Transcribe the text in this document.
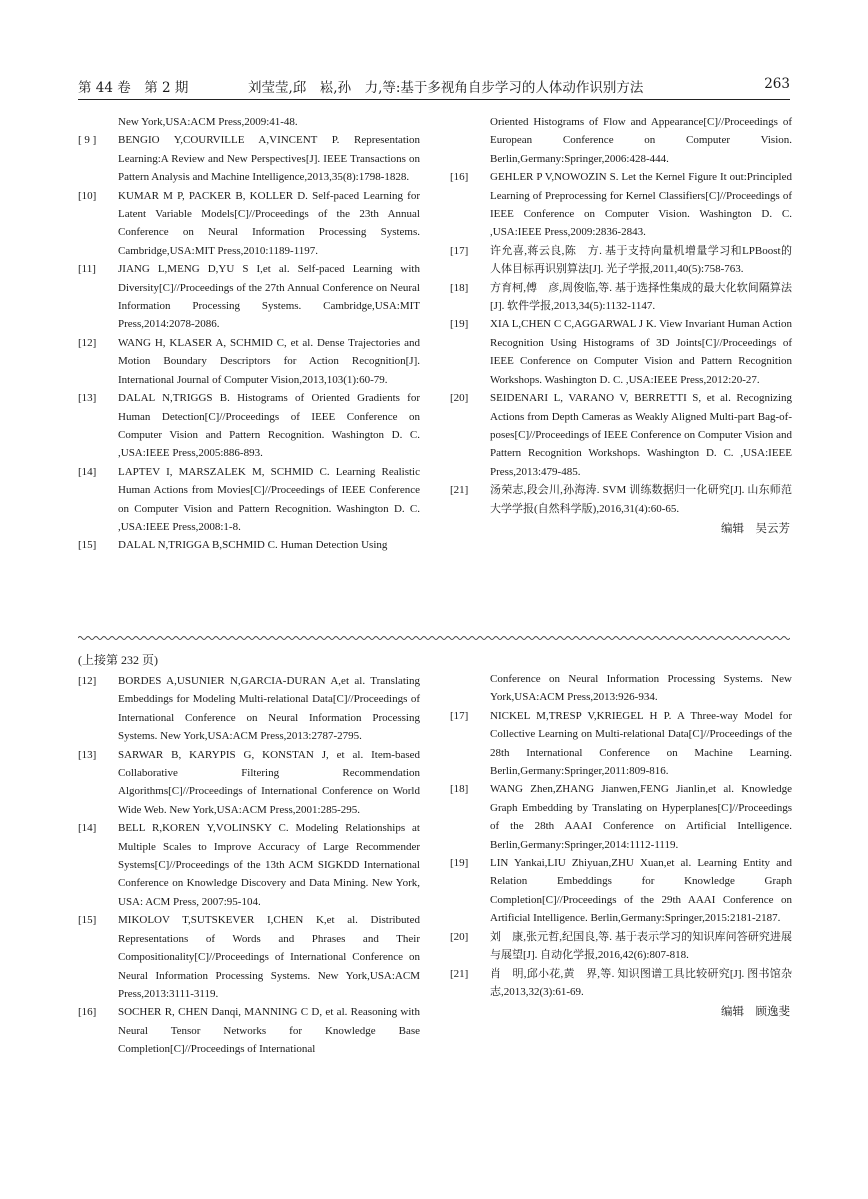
第 44 卷　第 2 期	刘莹莹,邱　崧,孙　力,等:基于多视角自步学习的人体动作识别方法	263

New York,USA:ACM Press,2009:41-48.

[ 9 ]	BENGIO Y,COURVILLE A,VINCENT P. Representation Learning:A Review and New Perspectives[J]. IEEE Transactions on Pattern Analysis and Machine Intelligence,2013,35(8):1798-1828.

[10]	KUMAR M P, PACKER B, KOLLER D. Self-paced Learning for Latent Variable Models[C]//Proceedings of the 23th Annual Conference on Neural Information Processing Systems. Cambridge,USA:MIT Press,2010:1189-1197.

[11]	JIANG L,MENG D,YU S I,et al. Self-paced Learning with Diversity[C]//Proceedings of the 27th Annual Conference on Neural Information Processing Systems. Cambridge,USA:MIT Press,2014:2078-2086.

[12]	WANG H, KLASER A, SCHMID C, et al. Dense Trajectories and Motion Boundary Descriptors for Action Recognition[J]. International Journal of Computer Vision,2013,103(1):60-79.

[13]	DALAL N,TRIGGS B. Histograms of Oriented Gradients for Human Detection[C]//Proceedings of IEEE Conference on Computer Vision and Pattern Recognition. Washington D. C. ,USA:IEEE Press,2005:886-893.

[14]	LAPTEV I, MARSZALEK M, SCHMID C. Learning Realistic Human Actions from Movies[C]//Proceedings of IEEE Conference on Computer Vision and Pattern Recognition. Washington D. C. ,USA:IEEE Press,2008:1-8.

[15]	DALAL N,TRIGGA B,SCHMID C. Human Detection Using

Oriented Histograms of Flow and Appearance[C]//Proceedings of European Conference on Computer Vision. Berlin,Germany:Springer,2006:428-444.

[16]	GEHLER P V,NOWOZIN S. Let the Kernel Figure It out:Principled Learning of Preprocessing for Kernel Classifiers[C]//Proceedings of IEEE Conference on Computer Vision. Washington D. C. ,USA:IEEE Press,2009:2836-2843.

[17]	许允喜,蒋云良,陈　方. 基于支持向量机增量学习和LPBoost的人体目标再识别算法[J]. 光子学报,2011,40(5):758-763.

[18]	方育柯,傅　彦,周俊临,等. 基于选择性集成的最大化软间隔算法[J]. 软件学报,2013,34(5):1132-1147.

[19]	XIA L,CHEN C C,AGGARWAL J K. View Invariant Human Action Recognition Using Histograms of 3D Joints[C]//Proceedings of IEEE Conference on Computer Vision and Pattern Recognition Workshops. Washington D. C. ,USA:IEEE Press,2012:20-27.

[20]	SEIDENARI L, VARANO V, BERRETTI S, et al. Recognizing Actions from Depth Cameras as Weakly Aligned Multi-part Bag-of-poses[C]//Proceedings of IEEE Conference on Computer Vision and Pattern Recognition Workshops. Washington D. C. ,USA:IEEE Press,2013:479-485.

[21]	汤荣志,段会川,孙海涛. SVM 训练数据归一化研究[J]. 山东师范大学学报(自然科学版),2016,31(4):60-65.

编辑　吴云芳

(上接第 232 页)

[12]	BORDES A,USUNIER N,GARCIA-DURAN A,et al. Translating Embeddings for Modeling Multi-relational Data[C]//Proceedings of International Conference on Neural Information Processing Systems. New York,USA:ACM Press,2013:2787-2795.

[13]	SARWAR B, KARYPIS G, KONSTAN J, et al. Item-based Collaborative Filtering Recommendation Algorithms[C]//Proceedings of International Conference on World Wide Web. New York,USA:ACM Press,2001:285-295.

[14]	BELL R,KOREN Y,VOLINSKY C. Modeling Relationships at Multiple Scales to Improve Accuracy of Large Recommender Systems[C]//Proceedings of the 13th ACM SIGKDD International Conference on Knowledge Discovery and Data Mining. New York, USA: ACM Press, 2007:95-104.

[15]	MIKOLOV T,SUTSKEVER I,CHEN K,et al. Distributed Representations of Words and Phrases and Their Compositionality[C]//Proceedings of International Conference on Neural Information Processing Systems. New York,USA:ACM Press,2013:3111-3119.

[16]	SOCHER R, CHEN Danqi, MANNING C D, et al. Reasoning with Neural Tensor Networks for Knowledge Base Completion[C]//Proceedings of International

Conference on Neural Information Processing Systems. New York,USA:ACM Press,2013:926-934.

[17]	NICKEL M,TRESP V,KRIEGEL H P. A Three-way Model for Collective Learning on Multi-relational Data[C]//Proceedings of the 28th International Conference on Machine Learning. Berlin,Germany:Springer,2011:809-816.

[18]	WANG Zhen,ZHANG Jianwen,FENG Jianlin,et al. Knowledge Graph Embedding by Translating on Hyperplanes[C]//Proceedings of the 28th AAAI Conference on Artificial Intelligence. Berlin,Germany:Springer,2014:1112-1119.

[19]	LIN Yankai,LIU Zhiyuan,ZHU Xuan,et al. Learning Entity and Relation Embeddings for Knowledge Graph Completion[C]//Proceedings of the 29th AAAI Conference on Artificial Intelligence. Berlin,Germany:Springer,2015:2181-2187.

[20]	刘　康,张元哲,纪国良,等. 基于表示学习的知识库问答研究进展与展望[J]. 自动化学报,2016,42(6):807-818.

[21]	肖　明,邱小花,黄　界,等. 知识图谱工具比较研究[J]. 图书馆杂志,2013,32(3):61-69.

编辑　顾逸斐
